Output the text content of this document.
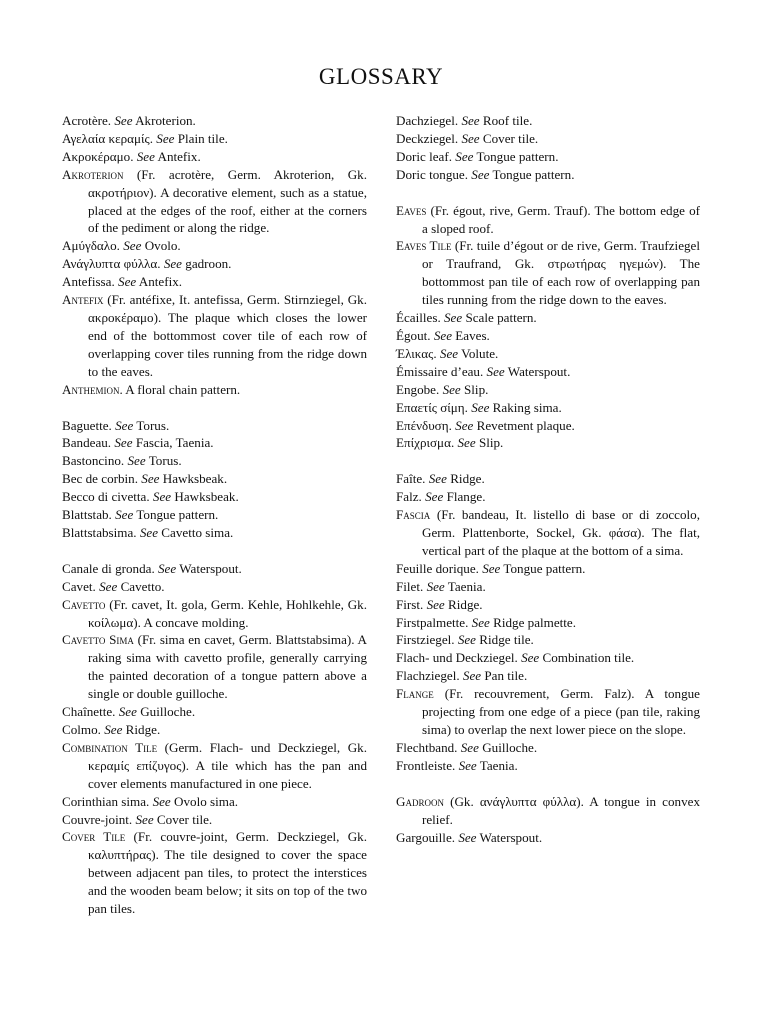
GLOSSARY

Acrotère. See Akroterion.

Αγελαία κεραμίς. See Plain tile.

Ακροκέραμο. See Antefix.

Akroterion (Fr. acrotère, Germ. Akroterion, Gk. ακροτήριον). A decorative element, such as a statue, placed at the edges of the roof, either at the corners of the pediment or along the ridge.

Αμύγδαλο. See Ovolo.

Ανάγλυπτα φύλλα. See gadroon.

Antefissa. See Antefix.

Antefix (Fr. antéfixe, It. antefissa, Germ. Stirnziegel, Gk. ακροκέραμο). The plaque which closes the lower end of the bottommost cover tile of each row of overlapping cover tiles running from the ridge down to the eaves.

Anthemion. A floral chain pattern.

Baguette. See Torus.

Bandeau. See Fascia, Taenia.

Bastoncino. See Torus.

Bec de corbin. See Hawksbeak.

Becco di civetta. See Hawksbeak.

Blattstab. See Tongue pattern.

Blattstabsima. See Cavetto sima.

Canale di gronda. See Waterspout.

Cavet. See Cavetto.

Cavetto (Fr. cavet, It. gola, Germ. Kehle, Hohlkehle, Gk. κοίλωμα). A concave molding.

Cavetto Sima (Fr. sima en cavet, Germ. Blattstabsima). A raking sima with cavetto profile, generally carrying the painted decoration of a tongue pattern above a single or double guilloche.

Chaînette. See Guilloche.

Colmo. See Ridge.

Combination Tile (Germ. Flach- und Deckziegel, Gk. κεραμίς επίζυγος). A tile which has the pan and cover elements manufactured in one piece.

Corinthian sima. See Ovolo sima.

Couvre-joint. See Cover tile.

Cover Tile (Fr. couvre-joint, Germ. Deckziegel, Gk. καλυπτήρας). The tile designed to cover the space between adjacent pan tiles, to protect the interstices and the wooden beam below; it sits on top of the two pan tiles.

Dachziegel. See Roof tile.

Deckziegel. See Cover tile.

Doric leaf. See Tongue pattern.

Doric tongue. See Tongue pattern.

Eaves (Fr. égout, rive, Germ. Trauf). The bottom edge of a sloped roof.

Eaves Tile (Fr. tuile d’égout or de rive, Germ. Traufziegel or Traufrand, Gk. στρωτήρας ηγεμών). The bottommost pan tile of each row of overlapping pan tiles running from the ridge down to the eaves.

Écailles. See Scale pattern.

Égout. See Eaves.

Έλικας. See Volute.

Émissaire d’eau. See Waterspout.

Engobe. See Slip.

Επαετίς σίμη. See Raking sima.

Επένδυση. See Revetment plaque.

Επίχρισμα. See Slip.

Faîte. See Ridge.

Falz. See Flange.

Fascia (Fr. bandeau, It. listello di base or di zoccolo, Germ. Plattenborte, Sockel, Gk. φάσα). The flat, vertical part of the plaque at the bottom of a sima.

Feuille dorique. See Tongue pattern.

Filet. See Taenia.

First. See Ridge.

Firstpalmette. See Ridge palmette.

Firstziegel. See Ridge tile.

Flach- und Deckziegel. See Combination tile.

Flachziegel. See Pan tile.

Flange (Fr. recouvrement, Germ. Falz). A tongue projecting from one edge of a piece (pan tile, raking sima) to overlap the next lower piece on the slope.

Flechtband. See Guilloche.

Frontleiste. See Taenia.

Gadroon (Gk. ανάγλυπτα φύλλα). A tongue in convex relief.

Gargouille. See Waterspout.
